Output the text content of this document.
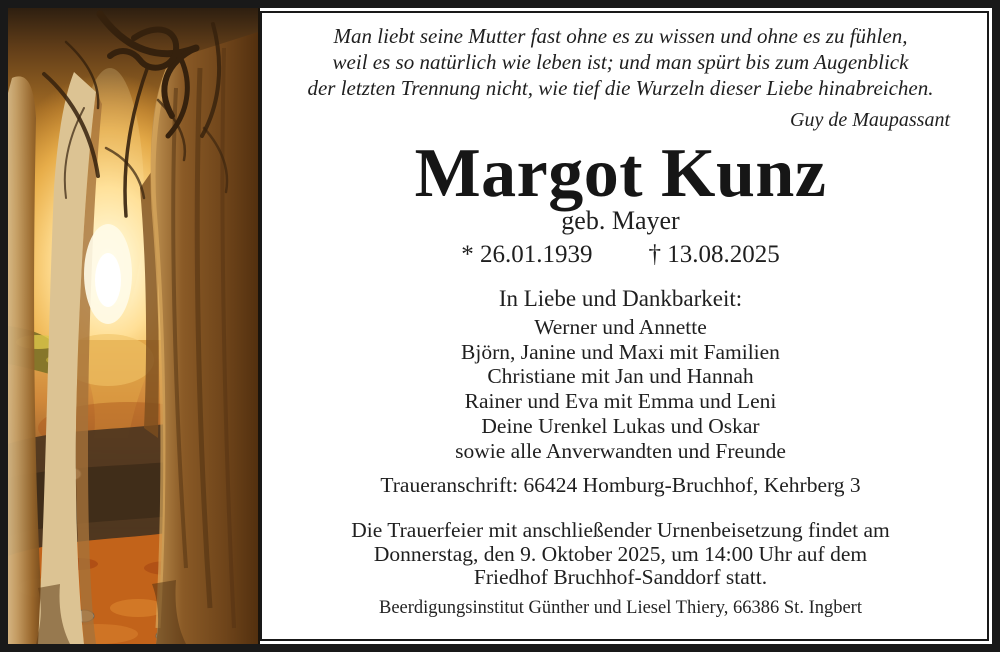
Man liebt seine Mutter fast ohne es zu wissen und ohne es zu fühlen,
weil es so natürlich wie leben ist; und man spürt bis zum Augenblick
der letzten Trennung nicht, wie tief die Wurzeln dieser Liebe hinabreichen.
Guy de Maupassant
Margot Kunz
geb. Mayer
* 26.01.1939 † 13.08.2025
In Liebe und Dankbarkeit:
Werner und Annette
Björn, Janine und Maxi mit Familien
Christiane mit Jan und Hannah
Rainer und Eva mit Emma und Leni
Deine Urenkel Lukas und Oskar
sowie alle Anverwandten und Freunde
Traueranschrift: 66424 Homburg-Bruchhof, Kehrberg 3
Die Trauerfeier mit anschließender Urnenbeisetzung findet am
Donnerstag, den 9. Oktober 2025, um 14:00 Uhr auf dem
Friedhof Bruchhof-Sanddorf statt.
Beerdigungsinstitut Günther und Liesel Thiery, 66386 St. Ingbert
